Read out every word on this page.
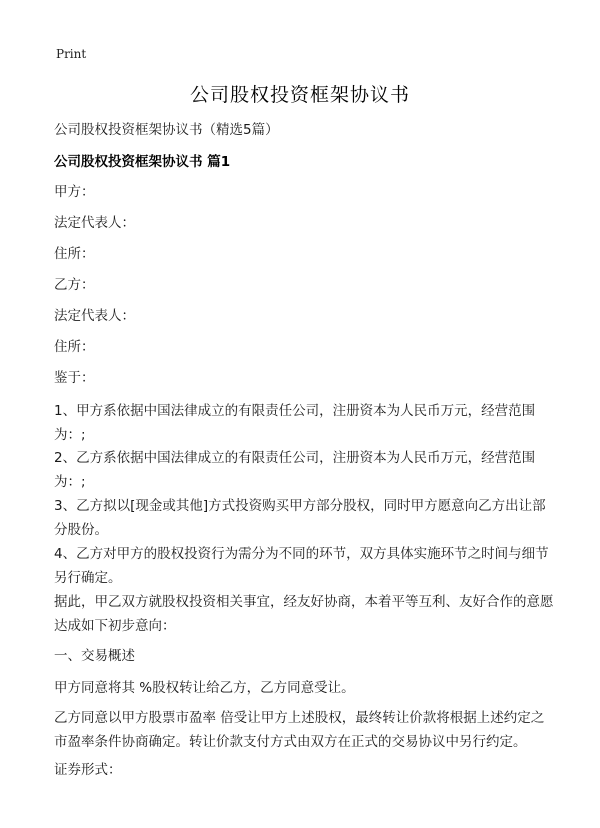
Print
公司股权投资框架协议书
公司股权投资框架协议书（精选5篇）
公司股权投资框架协议书 篇1
甲方：
法定代表人：
住所：
乙方：
法定代表人：
住所：
鉴于：
1、甲方系依据中国法律成立的有限责任公司，注册资本为人民币万元，经营范围为：;
2、乙方系依据中国法律成立的有限责任公司，注册资本为人民币万元，经营范围为：;
3、乙方拟以[现金或其他]方式投资购买甲方部分股权，同时甲方愿意向乙方出让部分股份。
4、乙方对甲方的股权投资行为需分为不同的环节，双方具体实施环节之时间与细节另行确定。
据此，甲乙双方就股权投资相关事宜，经友好协商，本着平等互利、友好合作的意愿达成如下初步意向：
一、交易概述
甲方同意将其 %股权转让给乙方，乙方同意受让。
乙方同意以甲方股票市盈率 倍受让甲方上述股权，最终转让价款将根据上述约定之市盈率条件协商确定。转让价款支付方式由双方在正式的交易协议中另行约定。
证券形式：
